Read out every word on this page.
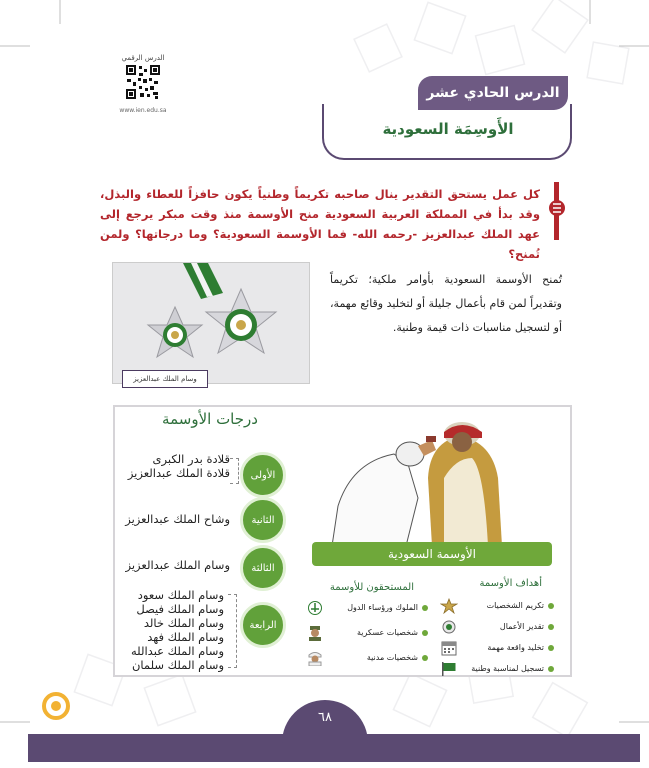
الدرس الرقمي
www.ien.edu.sa
الدرس الحادي عشر
الأَوسِمَة السعودية
كل عمل يستحق التقدير ينال صاحبه تكريماً وطنياً يكون حافزاً للعطاء والبذل، وقد بدأ في المملكة العربية السعودية منح الأوسمة منذ وقت مبكر يرجع إلى عهد الملك عبدالعزيز -رحمه الله- فما الأوسمة السعودية؟ وما درجاتها؟ ولمن تُمنح؟
وسام الملك عبدالعزيز
تُمنح الأوسمة السعودية بأوامر ملكية؛ تكريماً وتقديراً لمن قام بأعمال جليلة أو لتخليد وقائع مهمة، أو لتسجيل مناسبات ذات قيمة وطنية.
درجات الأوسمة
الأولى
قلادة بدر الكبرى
قلادة الملك عبدالعزيز
الثانية
وشاح الملك عبدالعزيز
الثالثة
وسام الملك عبدالعزيز
الرابعة
وسام الملك سعود
وسام الملك فيصل
وسام الملك خالد
وسام الملك فهد
وسام الملك عبدالله
وسام الملك سلمان
الأوسمة السعودية
أهداف الأوسمة
تكريم الشخصيات
تقدير الأعمال
تخليد واقعة مهمة
تسجيل لمناسبة وطنية
المستحقون للأوسمة
الملوك ورؤساء الدول
شخصيات عسكرية
شخصيات مدنية
٦٨
